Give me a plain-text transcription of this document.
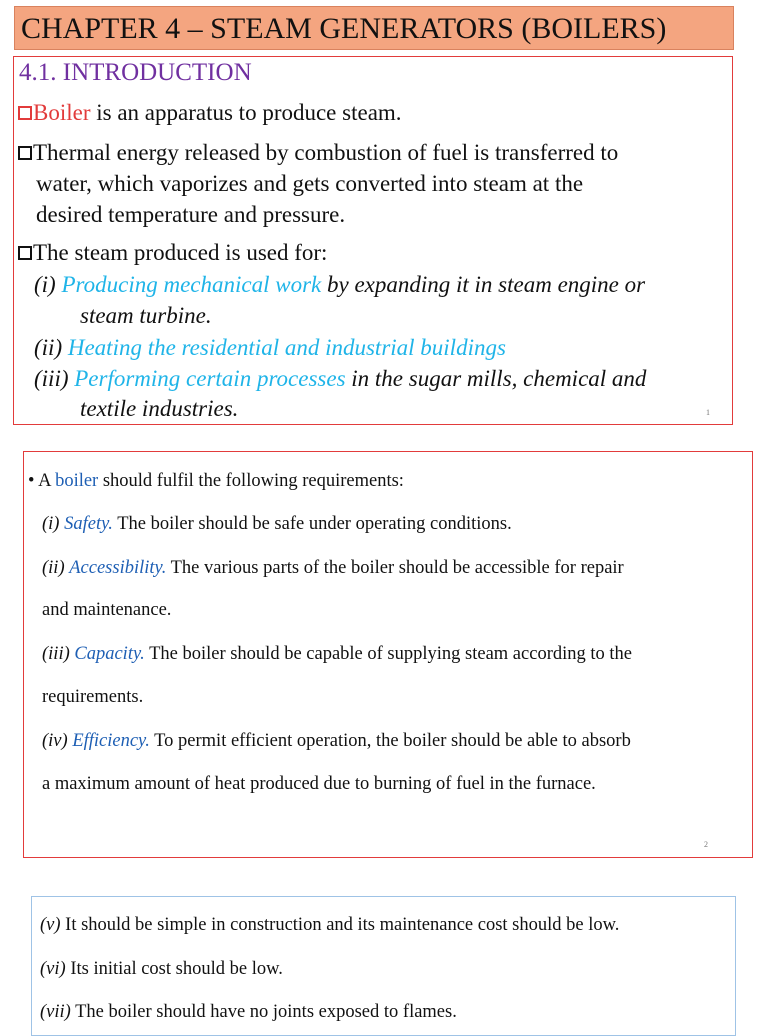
CHAPTER 4 – STEAM GENERATORS (BOILERS)
4.1. INTRODUCTION
Boiler is an apparatus to produce steam.
Thermal energy released by combustion of fuel is transferred to
water, which vaporizes and gets converted into steam at the
desired temperature and pressure.
The steam produced is used for:
(i) Producing mechanical work by expanding it in steam engine or
steam turbine.
(ii) Heating the residential and industrial buildings
(iii) Performing certain processes in the sugar mills, chemical and
textile industries.	1
• A boiler should fulfil the following requirements:
(i) Safety. The boiler should be safe under operating conditions.
(ii) Accessibility. The various parts of the boiler should be accessible for repair
and maintenance.
(iii) Capacity. The boiler should be capable of supplying steam according to the
requirements.
(iv) Efficiency. To permit efficient operation, the boiler should be able to absorb
a maximum amount of heat produced due to burning of fuel in the furnace.
2
(v) It should be simple in construction and its maintenance cost should be low.
(vi) Its initial cost should be low.
(vii) The boiler should have no joints exposed to flames.
